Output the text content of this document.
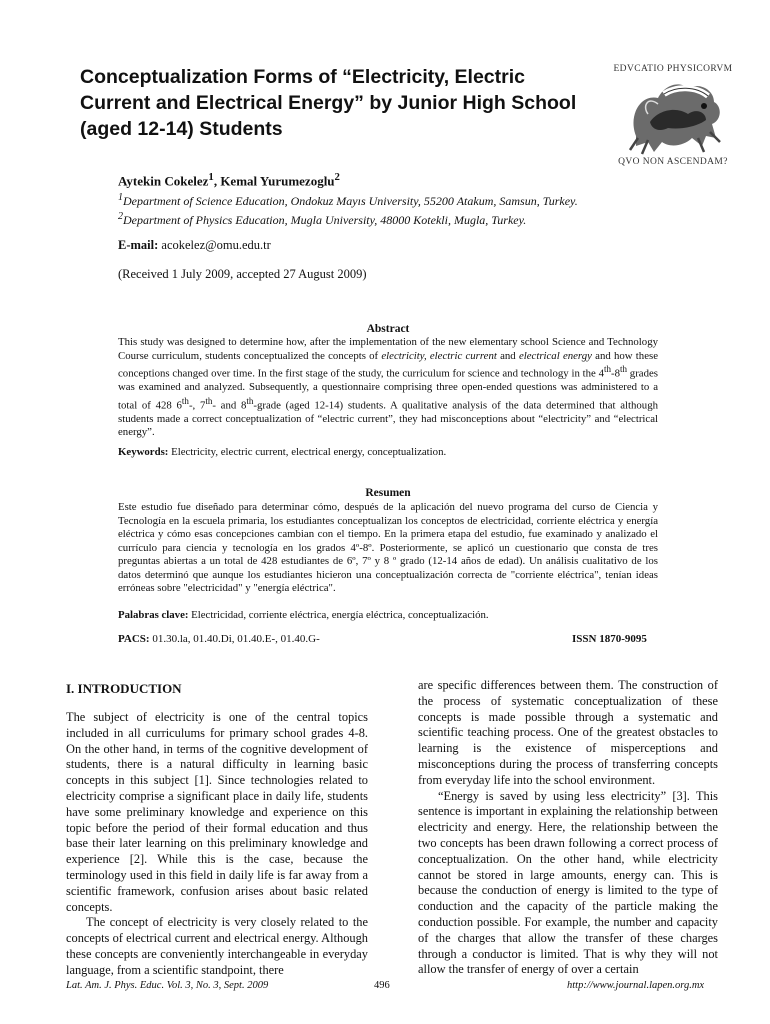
Conceptualization Forms of “Electricity, Electric Current and Electrical Energy” by Junior High School (aged 12-14) Students
EDVCATIO PHYSICORVM
QVO NON ASCENDAM?
Aytekin Cokelez$^1$, Kemal Yurumezoglu$^2$
$^1$Department of Science Education, Ondokuz Mayıs University, 55200 Atakum, Samsun, Turkey.
$^2$Department of Physics Education, Mugla University, 48000 Kotekli, Mugla, Turkey.
E-mail: acokelez@omu.edu.tr
(Received 1 July 2009, accepted 27 August 2009)
Abstract
This study was designed to determine how, after the implementation of the new elementary school Science and Technology Course curriculum, students conceptualized the concepts of electricity, electric current and electrical energy and how these conceptions changed over time. In the first stage of the study, the curriculum for science and technology in the 4th-8th grades was examined and analyzed. Subsequently, a questionnaire comprising three open-ended questions was administered to a total of 428 6th-, 7th- and 8th-grade (aged 12-14) students. A qualitative analysis of the data determined that although students made a correct conceptualization of “electric current”, they had misconceptions about “electricity” and “electrical energy”.
Keywords: Electricity, electric current, electrical energy, conceptualization.
Resumen
Este estudio fue diseñado para determinar cómo, después de la aplicación del nuevo programa del curso de Ciencia y Tecnología en la escuela primaria, los estudiantes conceptualizan los conceptos de electricidad, corriente eléctrica y energía eléctrica y cómo esas concepciones cambian con el tiempo. En la primera etapa del estudio, fue examinado y analizado el currículo para ciencia y tecnología en los grados 4º-8º. Posteriormente, se aplicó un cuestionario que consta de tres preguntas abiertas a un total de 428 estudiantes de 6º, 7º y 8 º grado (12-14 años de edad). Un análisis cualitativo de los datos determinó que aunque los estudiantes hicieron una conceptualización correcta de "corriente eléctrica", tenían ideas erróneas sobre "electricidad" y "energía eléctrica".
Palabras clave: Electricidad, corriente eléctrica, energía eléctrica, conceptualización.
PACS: 01.30.la, 01.40.Di, 01.40.E-, 01.40.G-	ISSN 1870-9095
I. INTRODUCTION

The subject of electricity is one of the central topics included in all curriculums for primary school grades 4-8. On the other hand, in terms of the cognitive development of students, there is a natural difficulty in learning basic concepts in this subject [1]. Since technologies related to electricity comprise a significant place in daily life, students have some preliminary knowledge and experience on this topic before the period of their formal education and thus base their later learning on this preliminary knowledge and experience [2]. While this is the case, because the terminology used in this field in daily life is far away from a scientific framework, confusion arises about basic related concepts.

The concept of electricity is very closely related to the concepts of electrical current and electrical energy. Although these concepts are conveniently interchangeable in everyday language, from a scientific standpoint, there

are specific differences between them. The construction of the process of systematic conceptualization of these concepts is made possible through a systematic and scientific teaching process. One of the greatest obstacles to learning is the existence of misperceptions and misconceptions during the process of transferring concepts from everyday life into the school environment.

“Energy is saved by using less electricity” [3]. This sentence is important in explaining the relationship between electricity and energy. Here, the relationship between the two concepts has been drawn following a correct process of conceptualization. On the other hand, while electricity cannot be stored in large amounts, energy can. This is because the conduction of energy is limited to the type of conduction and the capacity of the particle making the conduction possible. For example, the number and capacity of the charges that allow the transfer of these charges through a conductor is limited. That is why they will not allow the transfer of energy of over a certain

Lat. Am. J. Phys. Educ. Vol. 3, No. 3, Sept. 2009	496	http://www.journal.lapen.org.mx
